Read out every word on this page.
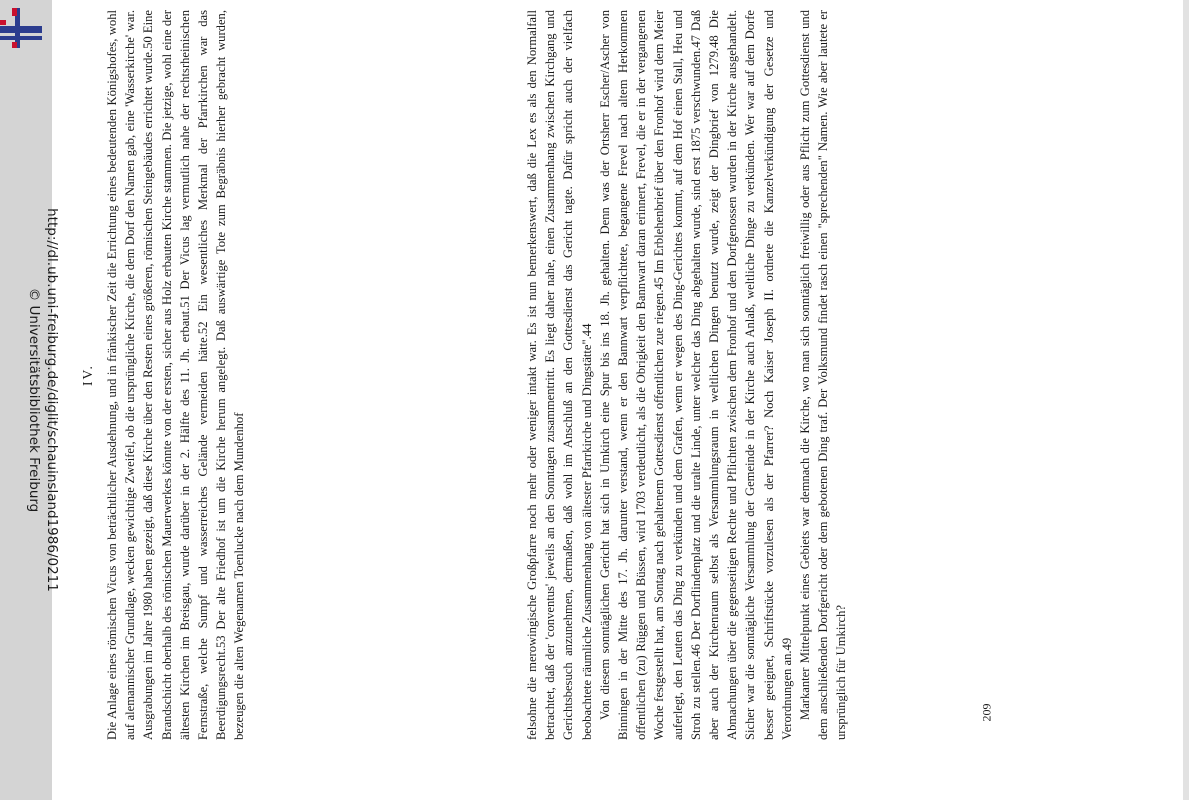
http://dl.ub.uni-freiburg.de/diglit/schauinsland1986/0211
© Universitätsbibliothek Freiburg	felsohne die merowingische Großpfarre noch mehr oder weniger intakt war. Es ist nun bemerkenswert, daß die Lex es als den Normalfall betrachtet, daß der 'conventus' jeweils an den Sonntagen zusammentritt. Es liegt daher nahe, einen Zusammenhang zwischen Kirchgang und Gerichtsbesuch anzunehmen, dermaßen, daß wohl im Anschluß an den Gottesdienst das Gericht tagte. Dafür spricht auch der vielfach beobachtete räumliche Zusammenhang von ältester Pfarrkirche und Dingstätte".44 Von diesem sonntäglichen Gericht hat sich in Umkirch eine Spur bis ins 18. Jh. gehalten. Denn was der Ortsherr Escher/Ascher von Binningen in der Mitte des 17. Jh. darunter verstand, wenn er den Bannwart verpflichtete, begangene Frevel nach altem Herkommen offentlichen (zu) Rüggen und Büssen, wird 1703 verdeutlicht, als die Obrigkeit den Bannwart daran erinnert, Frevel, die er in der vergangenen Woche festgestellt hat, am Sontag nach gehaltenem Gottesdienst offentlichen zue riegen.45 Im Erblehenbrief über den Fronhof wird dem Meier auferlegt, den Leuten das Ding zu verkünden und dem Grafen, wenn er wegen des Ding-Gerichtes kommt, auf dem Hof einen Stall, Heu und Stroh zu stellen.46 Der Dorflindenplatz und die uralte Linde, unter welcher das Ding abgehalten wurde, sind erst 1875 verschwunden.47 Daß aber auch der Kirchenraum selbst als Versammlungsraum in weltlichen Dingen benutzt wurde, zeigt der Dingbrief von 1279.48 Die Abmachungen über die gegenseitigen Rechte und Pflichten zwischen dem Fronhof und den Dorfgenossen wurden in der Kirche ausgehandelt. Sicher war die sonntägliche Versammlung der Gemeinde in der Kirche auch Anlaß, weltliche Dinge zu verkünden. Wer war auf dem Dorfe besser geeignet, Schriftstücke vorzulesen als der Pfarrer? Noch Kaiser Joseph II. ordnete die Kanzelverkündigung der Gesetze und Verordnungen an.49 Markanter Mittelpunkt eines Gebiets war demnach die Kirche, wo man sich sonntäglich freiwillig oder aus Pflicht zum Gottesdienst und dem anschließenden Dorfgericht oder dem gebotenen Ding traf. Der Volksmund findet rasch einen "sprechenden" Namen. Wie aber lautete er ursprünglich für Umkirch?

IV. Die Anlage eines römischen Vicus von beträchtlicher Ausdehnung, und in fränkischer Zeit die Errichtung eines bedeutenden Königshofes, wohl auf alemannischer Grundlage, wecken gewichtige Zweifel, ob die ursprüngliche Kirche, die dem Dorf den Namen gab, eine 'Wasserkirche' war. Ausgrabungen im Jahre 1980 haben gezeigt, daß diese Kirche über den Resten eines größeren, römischen Steingebäudes errichtet wurde.50 Eine Brandschicht oberhalb des römischen Mauerwerkes könnte von der ersten, sicher aus Holz erbauten Kirche stammen. Die jetzige, wohl eine der ältesten Kirchen im Breisgau, wurde darüber in der 2. Hälfte des 11. Jh. erbaut.51 Der Vicus lag vermutlich nahe der rechtsrheinischen Fernstraße, welche Sumpf und wasserreiches Gelände vermeiden hätte.52 Ein wesentliches Merkmal der Pfarrkirchen war das Beerdigungsrecht.53 Der alte Friedhof ist um die Kirche herum angelegt. Daß auswärtige Tote zum Begräbnis hierher gebracht wurden, bezeugen die alten Wegenamen Toenlucke nach dem Mundenhof	209
